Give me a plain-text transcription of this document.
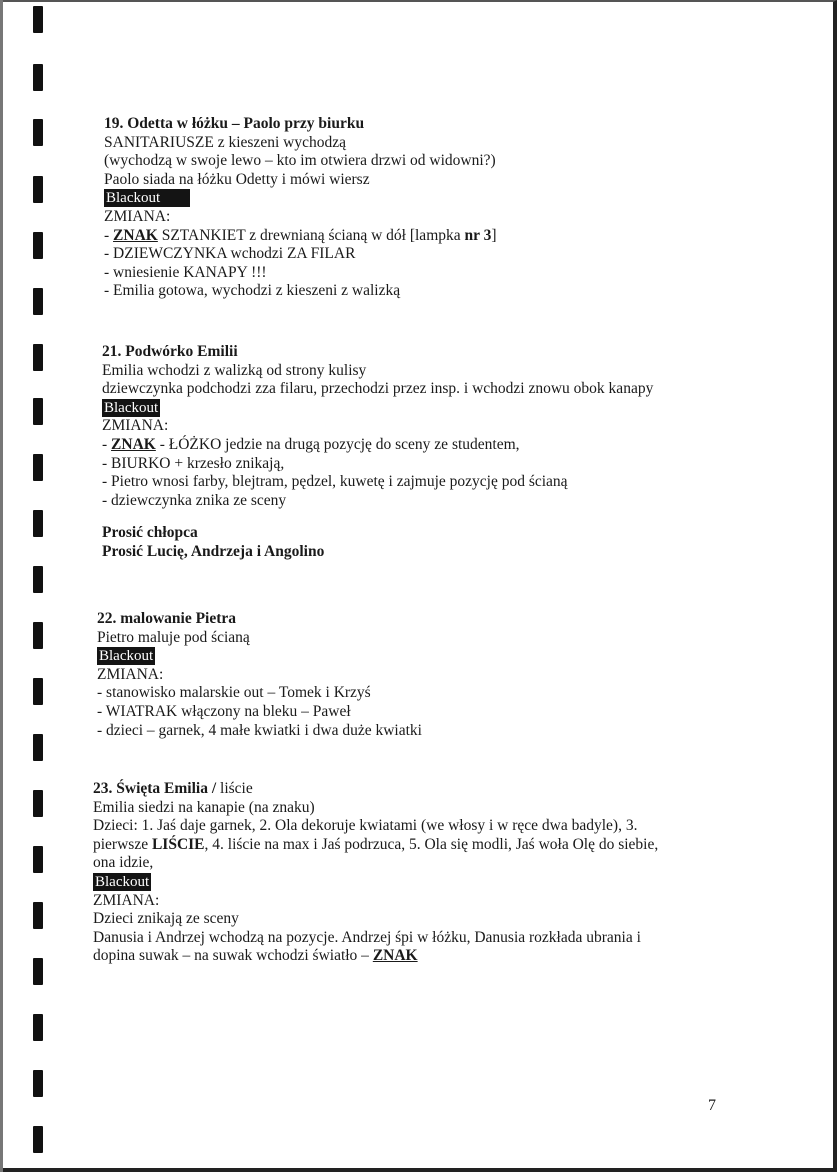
19. Odetta w łóżku – Paolo przy biurku
SANITARIUSZE z kieszeni wychodzą
(wychodzą w swoje lewo – kto im otwiera drzwi od widowni?)
Paolo siada na łóżku Odetty i mówi wiersz
Blackout
ZMIANA:
- ZNAK SZTANKIET z drewnianą ścianą w dół [lampka nr 3]
- DZIEWCZYNKA wchodzi ZA FILAR
- wniesienie KANAPY !!!
- Emilia gotowa, wychodzi z kieszeni z walizką
21. Podwórko Emilii
Emilia wchodzi z walizką od strony kulisy
dziewczynka podchodzi zza filaru, przechodzi przez insp. i wchodzi znowu obok kanapy
Blackout
ZMIANA:
- ZNAK - ŁÓŻKO jedzie na drugą pozycję do sceny ze studentem,
- BIURKO + krzesło znikają,
- Pietro wnosi farby, blejtram, pędzel, kuwetę i zajmuje pozycję pod ścianą
- dziewczynka znika ze sceny
Prosić chłopca
Prosić Lucię, Andrzeja i Angolino
22. malowanie Pietra
Pietro maluje pod ścianą
Blackout
ZMIANA:
- stanowisko malarskie out – Tomek i Krzyś
- WIATRAK włączony na bleku – Paweł
- dzieci – garnek, 4 małe kwiatki i dwa duże kwiatki
23. Święta Emilia / liście
Emilia siedzi na kanapie (na znaku)
Dzieci: 1. Jaś daje garnek, 2. Ola dekoruje kwiatami (we włosy i w ręce dwa badyle), 3.
pierwsze LIŚCIE, 4. liście na max i Jaś podrzuca, 5. Ola się modli, Jaś woła Olę do siebie,
ona idzie,
Blackout
ZMIANA:
Dzieci znikają ze sceny
Danusia i Andrzej wchodzą na pozycje. Andrzej śpi w łóżku, Danusia rozkłada ubrania i
dopina suwak – na suwak wchodzi światło – ZNAK
7
